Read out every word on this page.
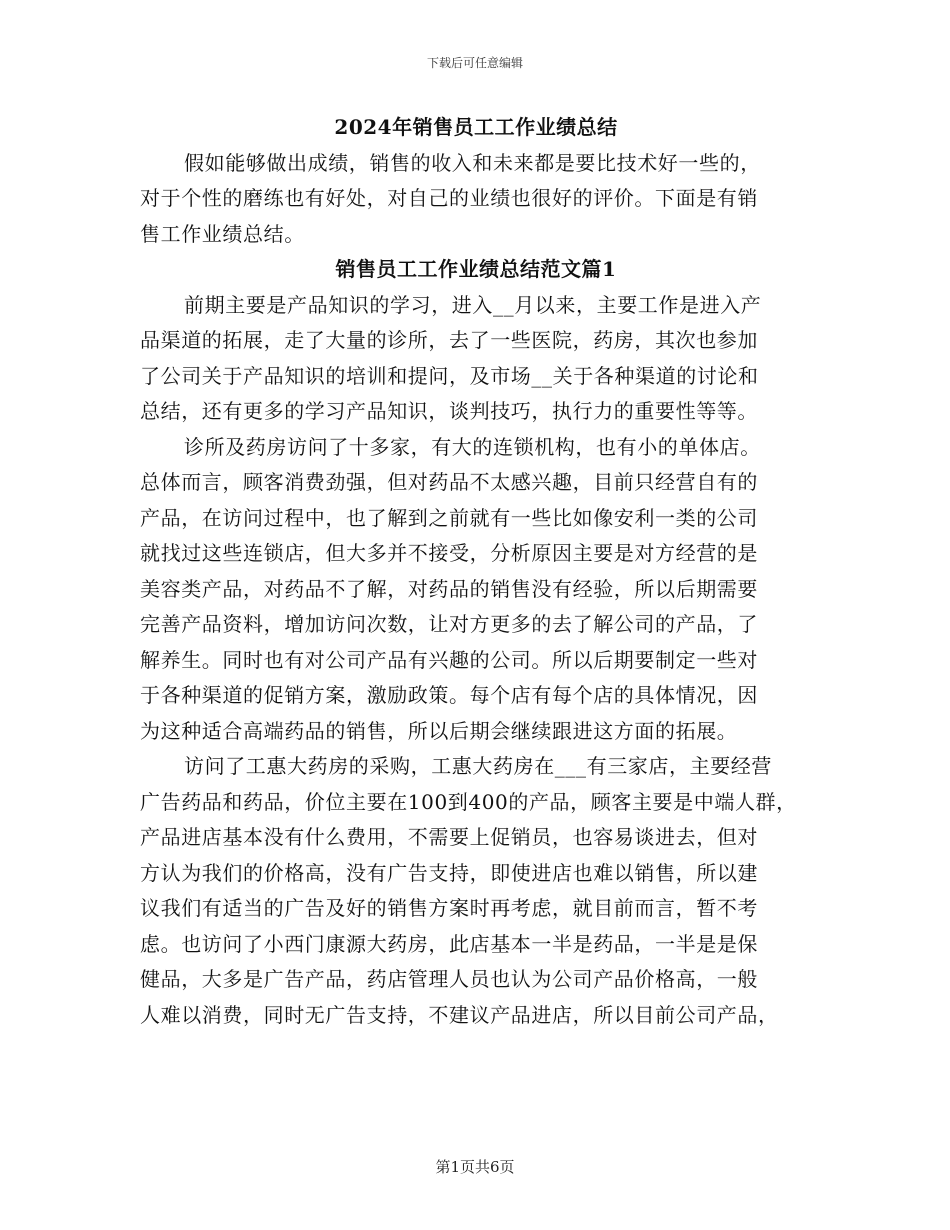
下载后可任意编辑
2024年销售员工工作业绩总结
假如能够做出成绩，销售的收入和未来都是要比技术好一些的，
对于个性的磨练也有好处，对自己的业绩也很好的评价。下面是有销
售工作业绩总结。
销售员工工作业绩总结范文篇1
前期主要是产品知识的学习，进入__月以来，主要工作是进入产
品渠道的拓展，走了大量的诊所，去了一些医院，药房，其次也参加
了公司关于产品知识的培训和提问，及市场__关于各种渠道的讨论和
总结，还有更多的学习产品知识，谈判技巧，执行力的重要性等等。
诊所及药房访问了十多家，有大的连锁机构，也有小的单体店。
总体而言，顾客消费劲强，但对药品不太感兴趣，目前只经营自有的
产品，在访问过程中，也了解到之前就有一些比如像安利一类的公司
就找过这些连锁店，但大多并不接受，分析原因主要是对方经营的是
美容类产品，对药品不了解，对药品的销售没有经验，所以后期需要
完善产品资料，增加访问次数，让对方更多的去了解公司的产品，了
解养生。同时也有对公司产品有兴趣的公司。所以后期要制定一些对
于各种渠道的促销方案，激励政策。每个店有每个店的具体情况，因
为这种适合高端药品的销售，所以后期会继续跟进这方面的拓展。
访问了工惠大药房的采购，工惠大药房在___有三家店，主要经营
广告药品和药品，价位主要在100到400的产品，顾客主要是中端人群，
产品进店基本没有什么费用，不需要上促销员，也容易谈进去，但对
方认为我们的价格高，没有广告支持，即使进店也难以销售，所以建
议我们有适当的广告及好的销售方案时再考虑，就目前而言，暂不考
虑。也访问了小西门康源大药房，此店基本一半是药品，一半是是保
健品，大多是广告产品，药店管理人员也认为公司产品价格高，一般
人难以消费，同时无广告支持，不建议产品进店，所以目前公司产品，
第1页共6页
